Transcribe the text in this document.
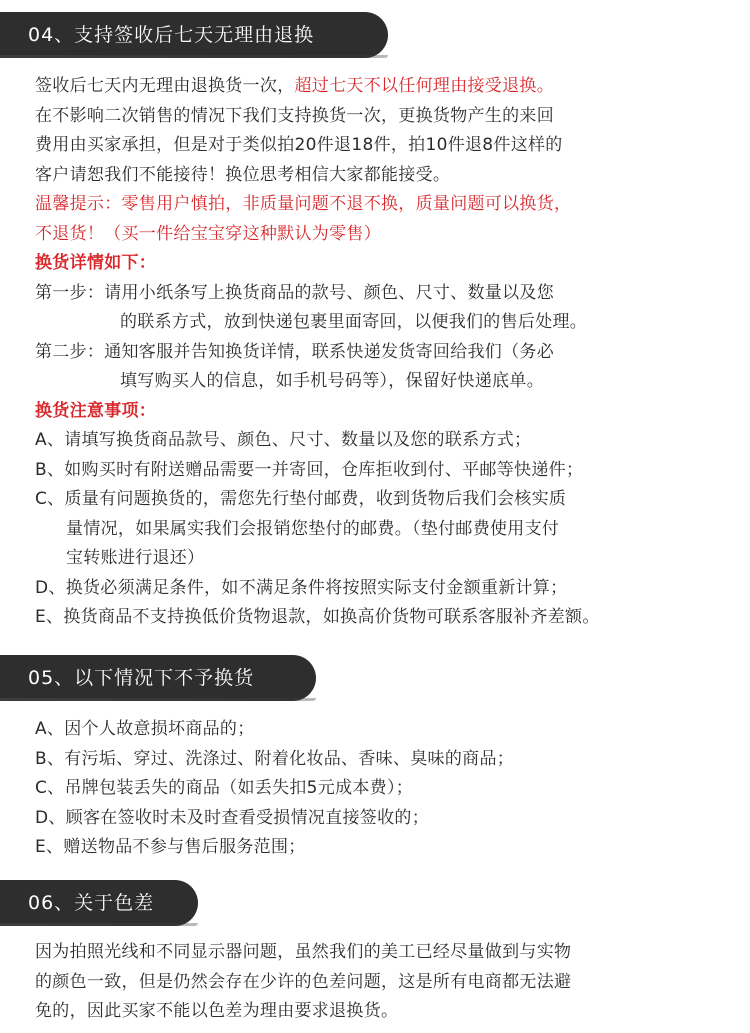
04、支持签收后七天无理由退换
签收后七天内无理由退换货一次，超过七天不以任何理由接受退换。
在不影响二次销售的情况下我们支持换货一次，更换货物产生的来回
费用由买家承担，但是对于类似拍20件退18件，拍10件退8件这样的
客户请恕我们不能接待！换位思考相信大家都能接受。
温馨提示：零售用户慎拍，非质量问题不退不换，质量问题可以换货，
不退货！（买一件给宝宝穿这种默认为零售）
换货详情如下：
第一步：请用小纸条写上换货商品的款号、颜色、尺寸、数量以及您
的联系方式，放到快递包裹里面寄回，以便我们的售后处理。
第二步：通知客服并告知换货详情，联系快递发货寄回给我们（务必
填写购买人的信息，如手机号码等），保留好快递底单。
换货注意事项：
A、请填写换货商品款号、颜色、尺寸、数量以及您的联系方式；
B、如购买时有附送赠品需要一并寄回，仓库拒收到付、平邮等快递件；
C、质量有问题换货的，需您先行垫付邮费，收到货物后我们会核实质
量情况，如果属实我们会报销您垫付的邮费。（垫付邮费使用支付
宝转账进行退还）
D、换货必须满足条件，如不满足条件将按照实际支付金额重新计算；
E、换货商品不支持换低价货物退款，如换高价货物可联系客服补齐差额。
05、以下情况下不予换货
A、因个人故意损坏商品的；
B、有污垢、穿过、洗涤过、附着化妆品、香味、臭味的商品；
C、吊牌包装丢失的商品（如丢失扣5元成本费）；
D、顾客在签收时未及时查看受损情况直接签收的；
E、赠送物品不参与售后服务范围；
06、关于色差
因为拍照光线和不同显示器问题，虽然我们的美工已经尽量做到与实物
的颜色一致，但是仍然会存在少许的色差问题，这是所有电商都无法避
免的，因此买家不能以色差为理由要求退换货。
